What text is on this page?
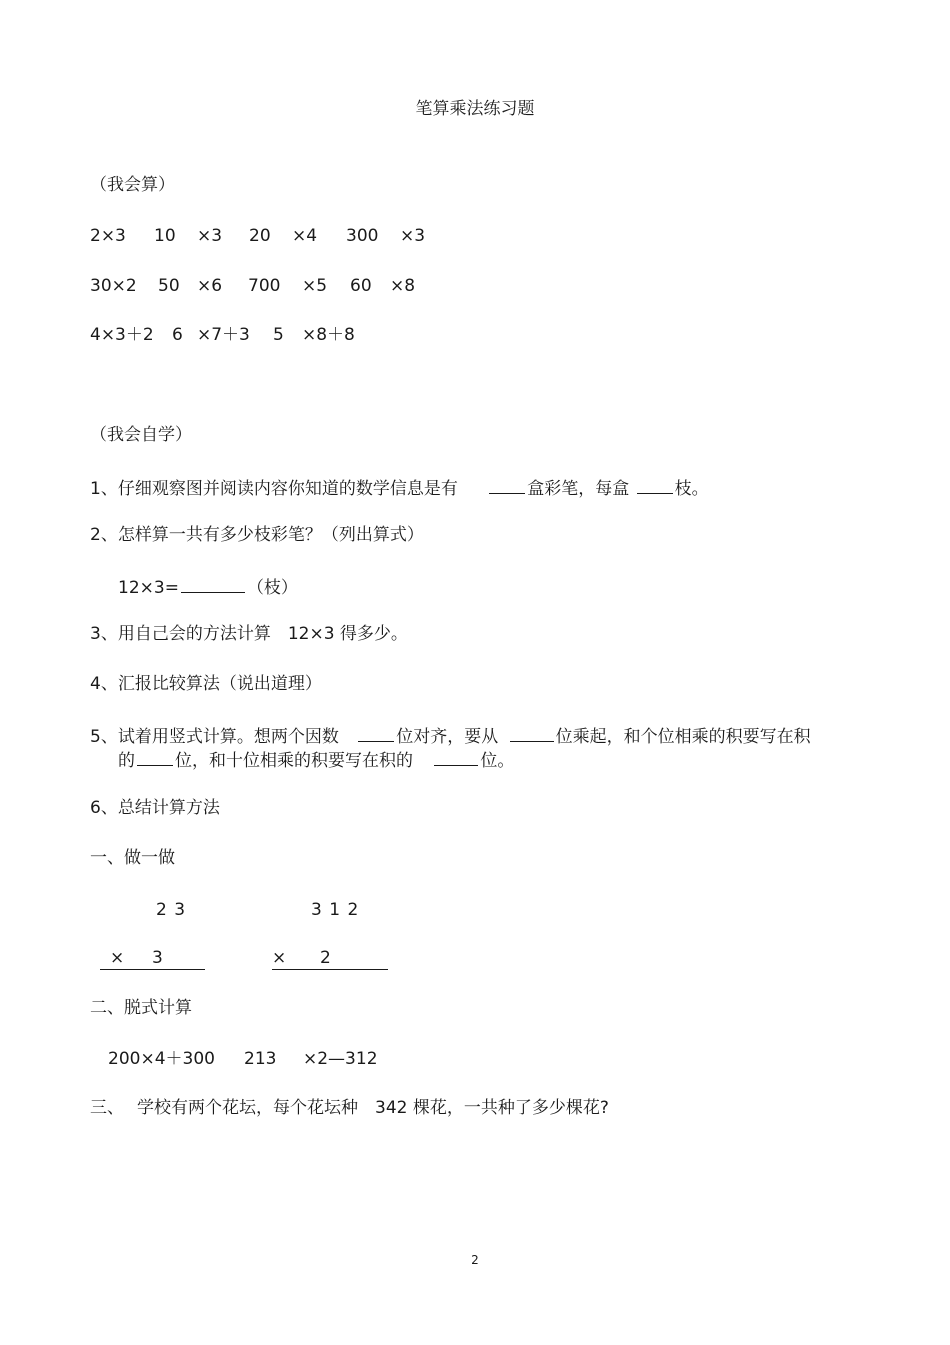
笔算乘法练习题
（我会算）
2×3 10 ×3 20 ×4 300 ×3
30×2 50 ×6 700 ×5 60 ×8
4×3＋2 6 ×7＋3 5 ×8＋8
（我会自学）
1、仔细观察图并阅读内容你知道的数学信息是有	盒彩笔，每盒	枝。
2、怎样算一共有多少枝彩笔？（列出算式）
12×3=	（枝）
3、用自己会的方法计算　12×3 得多少。
4、汇报比较算法（说出道理）
5、试着用竖式计算。想两个因数	位对齐，要从	位乘起，和个位相乘的积要写在积
的 位，和十位相乘的积要写在积的	位。
6、总结计算方法
一、做一做
2 3	3 1 2
× 3	× 2
二、脱式计算
200×4＋300 213 ×2—312
三、 学校有两个花坛，每个花坛种　342 棵花，一共种了多少棵花?
2
